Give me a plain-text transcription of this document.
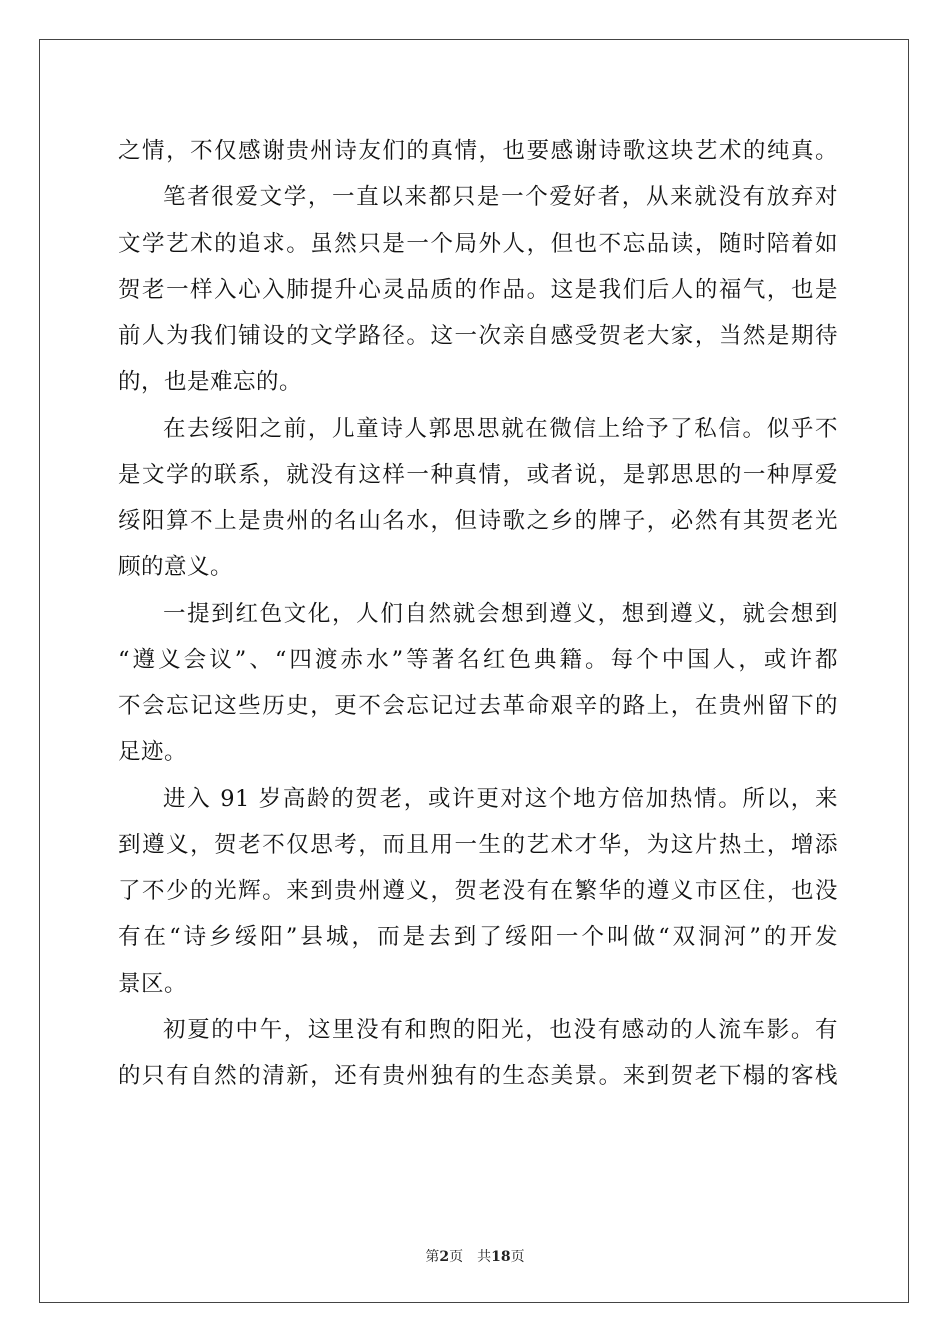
之情，不仅感谢贵州诗友们的真情，也要感谢诗歌这块艺术的纯真。
笔者很爱文学，一直以来都只是一个爱好者，从来就没有放弃对
文学艺术的追求。虽然只是一个局外人，但也不忘品读，随时陪着如
贺老一样入心入肺提升心灵品质的作品。这是我们后人的福气，也是
前人为我们铺设的文学路径。这一次亲自感受贺老大家，当然是期待
的，也是难忘的。
在去绥阳之前，儿童诗人郭思思就在微信上给予了私信。似乎不
是文学的联系，就没有这样一种真情，或者说，是郭思思的一种厚爱
绥阳算不上是贵州的名山名水，但诗歌之乡的牌子，必然有其贺老光
顾的意义。
一提到红色文化，人们自然就会想到遵义，想到遵义，就会想到
“遵义会议”、“四渡赤水”等著名红色典籍。每个中国人，或许都
不会忘记这些历史，更不会忘记过去革命艰辛的路上，在贵州留下的
足迹。
进入 91 岁高龄的贺老，或许更对这个地方倍加热情。所以，来
到遵义，贺老不仅思考，而且用一生的艺术才华，为这片热土，增添
了不少的光辉。来到贵州遵义，贺老没有在繁华的遵义市区住，也没
有在“诗乡绥阳”县城，而是去到了绥阳一个叫做“双洞河”的开发
景区。
初夏的中午，这里没有和煦的阳光，也没有感动的人流车影。有
的只有自然的清新，还有贵州独有的生态美景。来到贺老下榻的客栈
第2页 共18页
